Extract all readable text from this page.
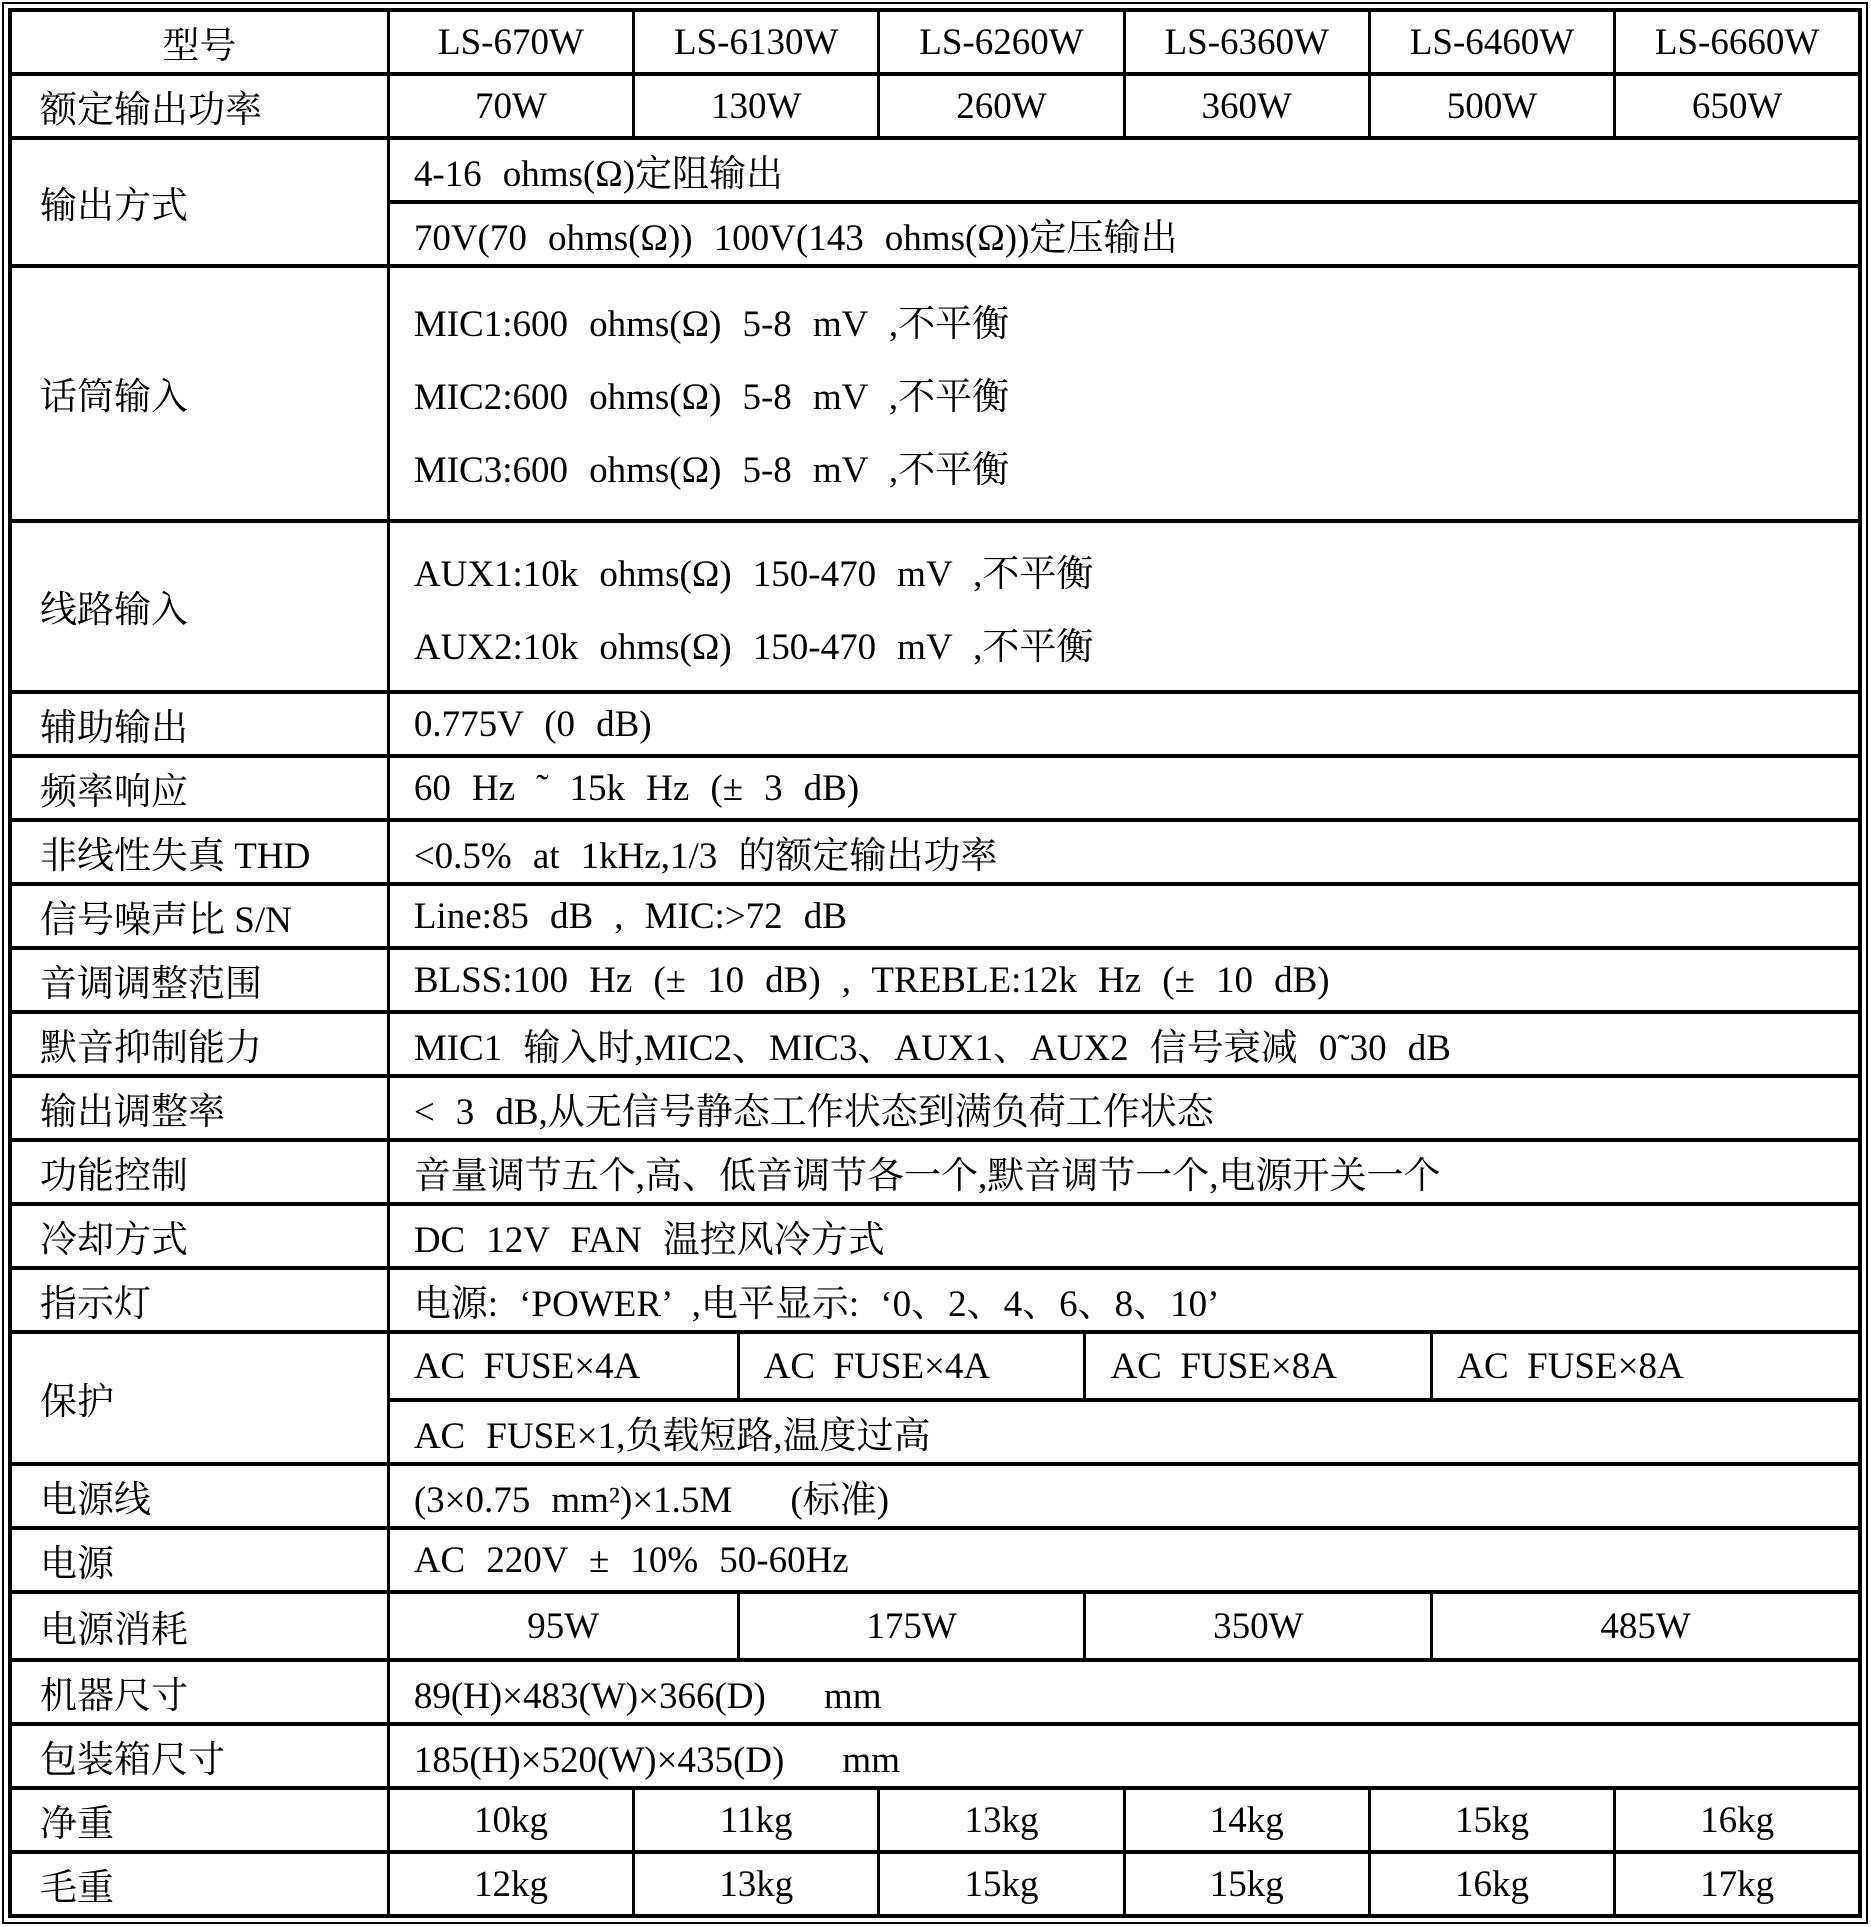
型号	LS-670W	LS-6130W	LS-6260W	LS-6360W	LS-6460W	LS-6660W
额定输出功率	70W	130W	260W	360W	500W	650W
输出方式	4-16 ohms(Ω)定阻输出					
	70V(70 ohms(Ω)) 100V(143 ohms(Ω))定压输出					
话筒输入	MIC1:600 ohms(Ω) 5-8 mV ,不平衡
MIC2:600 ohms(Ω) 5-8 mV ,不平衡
MIC3:600 ohms(Ω) 5-8 mV ,不平衡					

线路输入	AUX1:10k ohms(Ω) 150-470 mV ,不平衡
AUX2:10k ohms(Ω) 150-470 mV ,不平衡					

辅助输出	0.775V (0 dB)					
频率响应	60 Hz ˜ 15k Hz (± 3 dB)					
非线性失真 THD	<0.5% at 1kHz,1/3 的额定输出功率					
信号噪声比 S/N	Line:85 dB , MIC:>72 dB					
音调调整范围	BLSS:100 Hz (± 10 dB) , TREBLE:12k Hz (± 10 dB)					
默音抑制能力	MIC1 输入时,MIC2、MIC3、AUX1、AUX2 信号衰减 0˜30 dB					
输出调整率	< 3 dB,从无信号静态工作状态到满负荷工作状态					
功能控制	音量调节五个,高、低音调节各一个,默音调节一个,电源开关一个					
冷却方式	DC 12V FAN 温控风冷方式					
指示灯	电源: ‘POWER’ ,电平显示: ‘0、2、4、6、8、10’					
保护	AC FUSE×4A AC FUSE×4A AC FUSE×8A AC FUSE×8A					

	AC FUSE×1,负载短路,温度过高					
电源线	(3×0.75 mm²)×1.5M　 (标准)					
电源	AC 220V ± 10% 50-60Hz					
电源消耗	95W 175W 350W 485W					

机器尺寸	89(H)×483(W)×366(D)　 mm					
包装箱尺寸	185(H)×520(W)×435(D)　 mm					
净重	10kg	11kg	13kg	14kg	15kg	16kg
毛重	12kg	13kg	15kg	15kg	16kg	17kg
